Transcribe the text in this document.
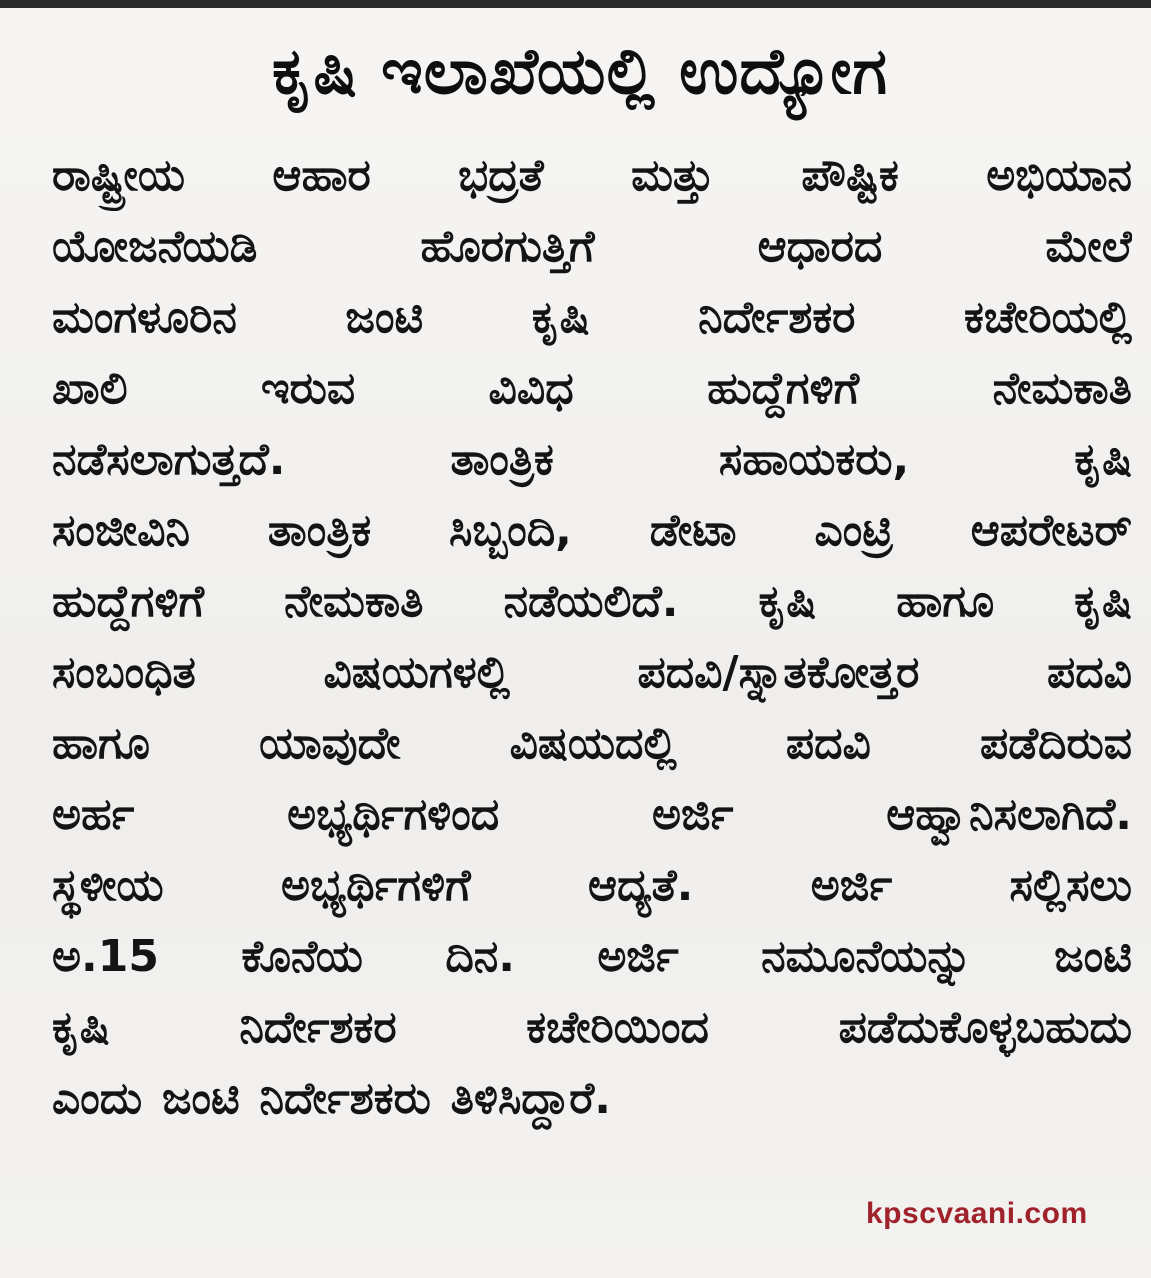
ಕೃಷಿ ಇಲಾಖೆಯಲ್ಲಿ ಉದ್ಯೋಗ
ರಾಷ್ಟ್ರೀಯ ಆಹಾರ ಭದ್ರತೆ ಮತ್ತು ಪೌಷ್ಟಿಕ ಅಭಿಯಾನ
ಯೋಜನೆಯಡಿ	ಹೊರಗುತ್ತಿಗೆ	ಆಧಾರದ	ಮೇಲೆ
ಮಂಗಳೂರಿನ ಜಂಟಿ ಕೃಷಿ ನಿರ್ದೇಶಕರ ಕಚೇರಿಯಲ್ಲಿ
ಖಾಲಿ	ಇರುವ	ವಿವಿಧ	ಹುದ್ದೆಗಳಿಗೆ	ನೇಮಕಾತಿ
ನಡೆಸಲಾಗುತ್ತದೆ.	ತಾಂತ್ರಿಕ	ಸಹಾಯಕರು,	ಕೃಷಿ
ಸಂಜೀವಿನಿ ತಾಂತ್ರಿಕ ಸಿಬ್ಬಂದಿ, ಡೇಟಾ ಎಂಟ್ರಿ ಆಪರೇಟರ್
ಹುದ್ದೆಗಳಿಗೆ ನೇಮಕಾತಿ ನಡೆಯಲಿದೆ. ಕೃಷಿ ಹಾಗೂ ಕೃಷಿ
ಸಂಬಂಧಿತ	ವಿಷಯಗಳಲ್ಲಿ	ಪದವಿ/ಸ್ನಾತಕೋತ್ತರ	ಪದವಿ
ಹಾಗೂ ಯಾವುದೇ ವಿಷಯದಲ್ಲಿ ಪದವಿ ಪಡೆದಿರುವ
ಅರ್ಹ	ಅಭ್ಯರ್ಥಿಗಳಿಂದ	ಅರ್ಜಿ	ಆಹ್ವಾನಿಸಲಾಗಿದೆ.
ಸ್ಥಳೀಯ	ಅಭ್ಯರ್ಥಿಗಳಿಗೆ	ಆದ್ಯತೆ.	ಅರ್ಜಿ	ಸಲ್ಲಿಸಲು
ಅ.15 ಕೊನೆಯ ದಿನ. ಅರ್ಜಿ ನಮೂನೆಯನ್ನು ಜಂಟಿ
ಕೃಷಿ	ನಿರ್ದೇಶಕರ	ಕಚೇರಿಯಿಂದ	ಪಡೆದುಕೊಳ್ಳಬಹುದು
ಎಂದು ಜಂಟಿ ನಿರ್ದೇಶಕರು ತಿಳಿಸಿದ್ದಾರೆ.
kpscvaani.com
